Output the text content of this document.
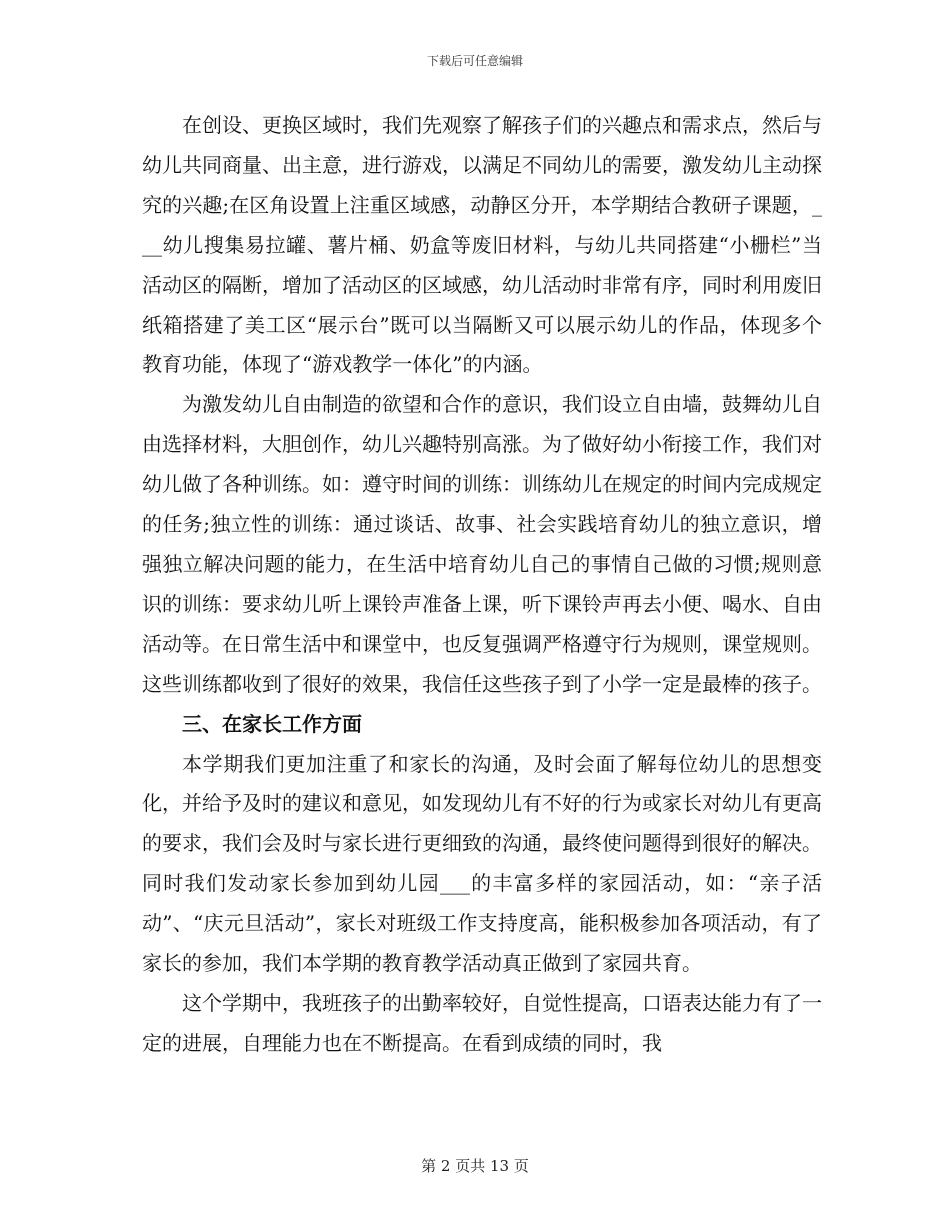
下载后可任意编辑

在创设、更换区域时，我们先观察了解孩子们的兴趣点和需求点，然后与幼儿共同商量、出主意，进行游戏，以满足不同幼儿的需要，激发幼儿主动探究的兴趣;在区角设置上注重区域感，动静区分开，本学期结合教研子课题，___幼儿搜集易拉罐、薯片桶、奶盒等废旧材料，与幼儿共同搭建“小栅栏”当活动区的隔断，增加了活动区的区域感，幼儿活动时非常有序，同时利用废旧纸箱搭建了美工区“展示台”既可以当隔断又可以展示幼儿的作品，体现多个教育功能，体现了“游戏教学一体化”的内涵。

为激发幼儿自由制造的欲望和合作的意识，我们设立自由墙，鼓舞幼儿自由选择材料，大胆创作，幼儿兴趣特别高涨。为了做好幼小衔接工作，我们对幼儿做了各种训练。如：遵守时间的训练：训练幼儿在规定的时间内完成规定的任务;独立性的训练：通过谈话、故事、社会实践培育幼儿的独立意识，增强独立解决问题的能力，在生活中培育幼儿自己的事情自己做的习惯;规则意识的训练：要求幼儿听上课铃声准备上课，听下课铃声再去小便、喝水、自由活动等。在日常生活中和课堂中，也反复强调严格遵守行为规则，课堂规则。这些训练都收到了很好的效果，我信任这些孩子到了小学一定是最棒的孩子。

三、在家长工作方面

本学期我们更加注重了和家长的沟通，及时会面了解每位幼儿的思想变化，并给予及时的建议和意见，如发现幼儿有不好的行为或家长对幼儿有更高的要求，我们会及时与家长进行更细致的沟通，最终使问题得到很好的解决。同时我们发动家长参加到幼儿园___的丰富多样的家园活动，如：“亲子活动”、“庆元旦活动”，家长对班级工作支持度高，能积极参加各项活动，有了家长的参加，我们本学期的教育教学活动真正做到了家园共育。

这个学期中，我班孩子的出勤率较好，自觉性提高，口语表达能力有了一定的进展，自理能力也在不断提高。在看到成绩的同时，我

第 2 页共 13 页
